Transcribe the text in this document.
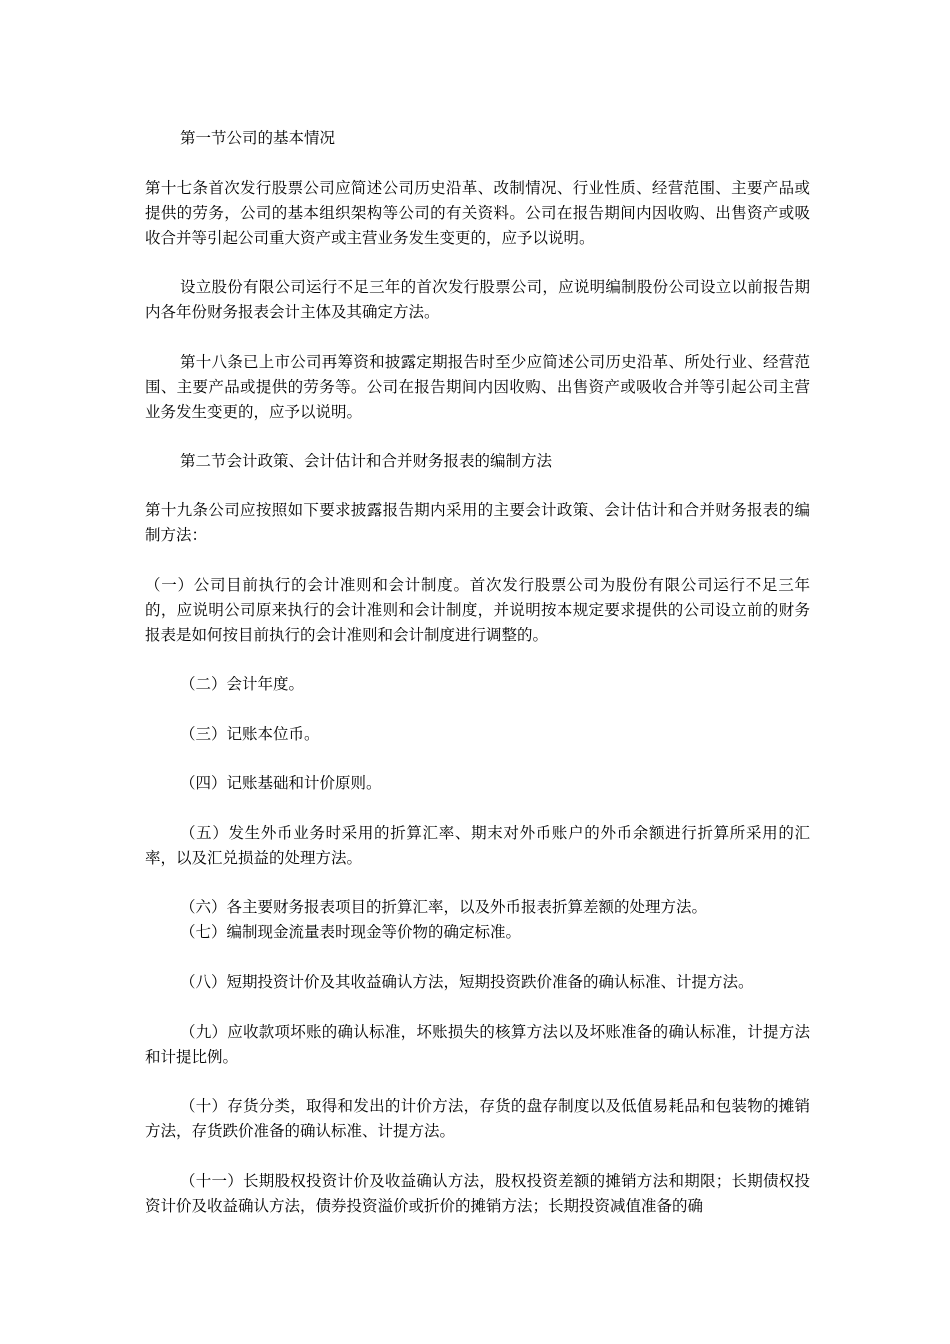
第一节公司的基本情况

第十七条首次发行股票公司应简述公司历史沿革、改制情况、行业性质、经营范围、主要产品或提供的劳务，公司的基本组织架构等公司的有关资料。公司在报告期间内因收购、出售资产或吸收合并等引起公司重大资产或主营业务发生变更的，应予以说明。

设立股份有限公司运行不足三年的首次发行股票公司，应说明编制股份公司设立以前报告期内各年份财务报表会计主体及其确定方法。

第十八条已上市公司再筹资和披露定期报告时至少应简述公司历史沿革、所处行业、经营范围、主要产品或提供的劳务等。公司在报告期间内因收购、出售资产或吸收合并等引起公司主营业务发生变更的，应予以说明。

第二节会计政策、会计估计和合并财务报表的编制方法

第十九条公司应按照如下要求披露报告期内采用的主要会计政策、会计估计和合并财务报表的编制方法：

（一）公司目前执行的会计准则和会计制度。首次发行股票公司为股份有限公司运行不足三年的，应说明公司原来执行的会计准则和会计制度，并说明按本规定要求提供的公司设立前的财务报表是如何按目前执行的会计准则和会计制度进行调整的。

（二）会计年度。

（三）记账本位币。

（四）记账基础和计价原则。

（五）发生外币业务时采用的折算汇率、期末对外币账户的外币余额进行折算所采用的汇率，以及汇兑损益的处理方法。

（六）各主要财务报表项目的折算汇率，以及外币报表折算差额的处理方法。

（七）编制现金流量表时现金等价物的确定标准。

（八）短期投资计价及其收益确认方法，短期投资跌价准备的确认标准、计提方法。

（九）应收款项坏账的确认标准，坏账损失的核算方法以及坏账准备的确认标准，计提方法和计提比例。

（十）存货分类，取得和发出的计价方法，存货的盘存制度以及低值易耗品和包装物的摊销方法，存货跌价准备的确认标准、计提方法。

（十一）长期股权投资计价及收益确认方法，股权投资差额的摊销方法和期限；长期债权投资计价及收益确认方法，债券投资溢价或折价的摊销方法；长期投资减值准备的确
